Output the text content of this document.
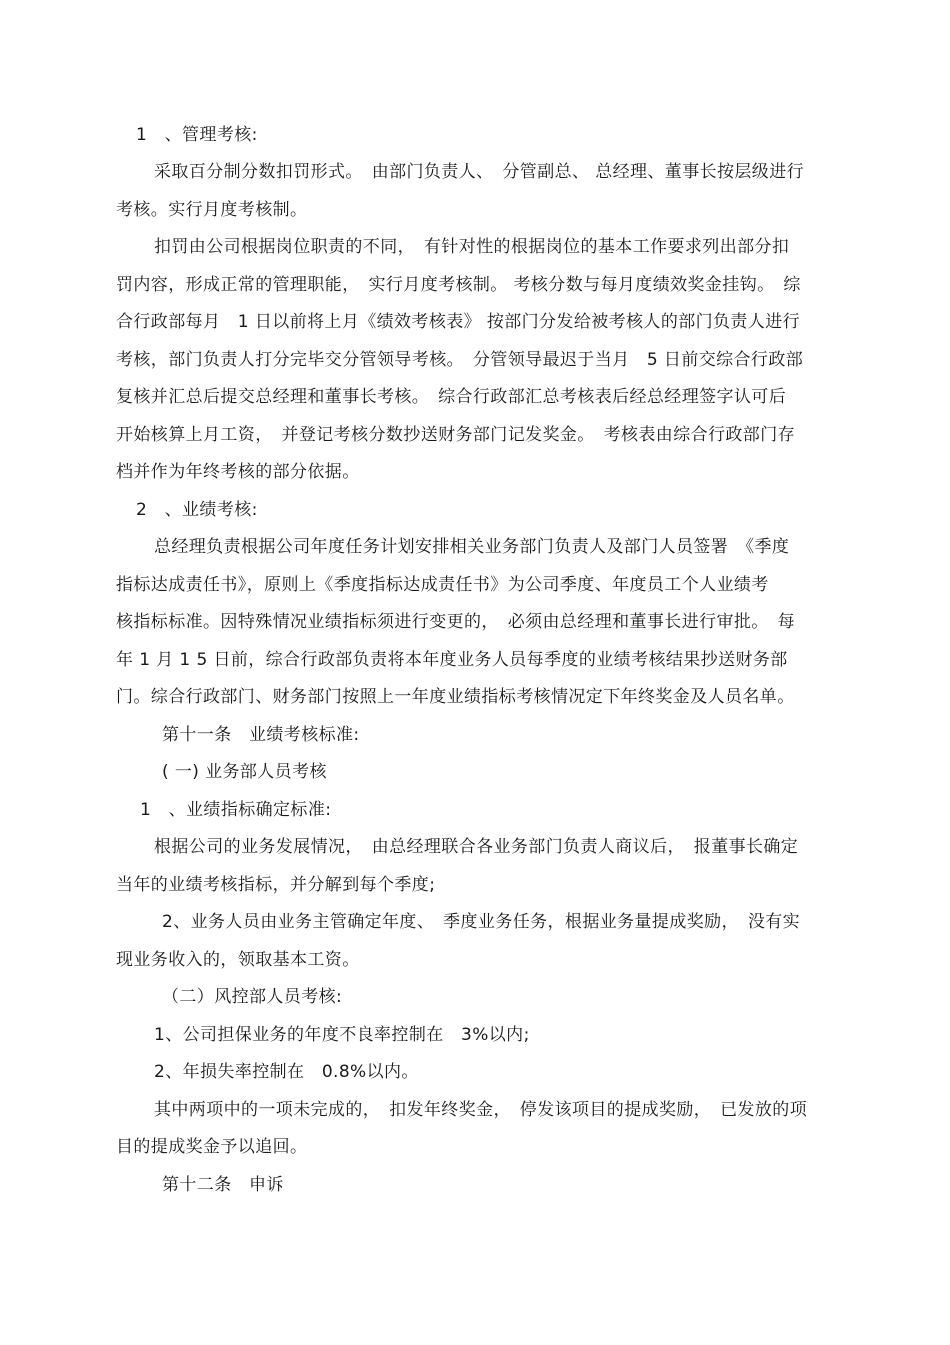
1　、管理考核:
采取百分制分数扣罚形式。　由部门负责人、　分管副总、 总经理、董事长按层级进行
考核。实行月度考核制。
扣罚由公司根据岗位职责的不同，　有针对性的根据岗位的基本工作要求列出部分扣
罚内容，形成正常的管理职能，　实行月度考核制。 考核分数与每月度绩效奖金挂钩。　综
合行政部每月　1 日以前将上月《绩效考核表》 按部门分发给被考核人的部门负责人进行
考核，部门负责人打分完毕交分管领导考核。　分管领导最迟于当月　5 日前交综合行政部
复核并汇总后提交总经理和董事长考核。　综合行政部汇总考核表后经总经理签字认可后
开始核算上月工资，　并登记考核分数抄送财务部门记发奖金。　考核表由综合行政部门存
档并作为年终考核的部分依据。
2　、业绩考核:
总经理负责根据公司年度任务计划安排相关业务部门负责人及部门人员签署　《季度
指标达成责任书》，原则上《季度指标达成责任书》为公司季度、年度员工个人业绩考
核指标标准。因特殊情况业绩指标须进行变更的，　必须由总经理和董事长进行审批。　每
年 1 月 1 5 日前，综合行政部负责将本年度业务人员每季度的业绩考核结果抄送财务部
门。综合行政部门、财务部门按照上一年度业绩指标考核情况定下年终奖金及人员名单。
第十一条　业绩考核标准:
( 一) 业务部人员考核
1　、业绩指标确定标准:
根据公司的业务发展情况，　由总经理联合各业务部门负责人商议后，　报董事长确定
当年的业绩考核指标，并分解到每个季度;
2、业务人员由业务主管确定年度、　季度业务任务，根据业务量提成奖励，　没有实
现业务收入的，领取基本工资。
（二）风控部人员考核:
1、公司担保业务的年度不良率控制在　3%以内;
2、年损失率控制在　0.8%以内。
其中两项中的一项未完成的，　扣发年终奖金，　停发该项目的提成奖励，　已发放的项
目的提成奖金予以追回。
第十二条　申诉
